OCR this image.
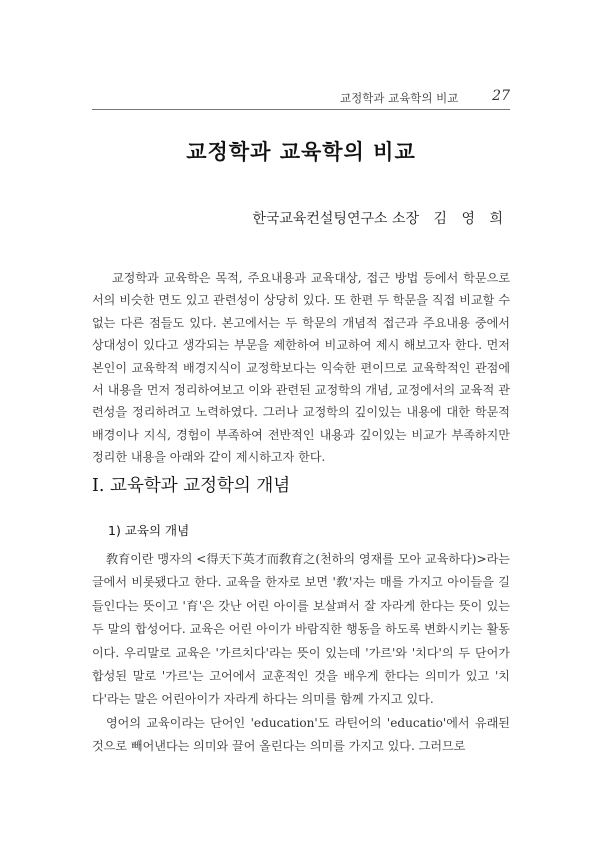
교정학과 교육학의 비교 27
교정학과 교육학의 비교
한국교육컨설팅연구소 소장 김 영 희

교정학과 교육학은 목적, 주요내용과 교육대상, 접근 방법 등에서 학문으로서의 비슷한 면도 있고 관련성이 상당히 있다. 또 한편 두 학문을 직접 비교할 수 없는 다른 점들도 있다. 본고에서는 두 학문의 개념적 접근과 주요내용 중에서 상대성이 있다고 생각되는 부문을 제한하여 비교하여 제시 해보고자 한다. 먼저 본인이 교육학적 배경지식이 교정학보다는 익숙한 편이므로 교육학적인 관점에서 내용을 먼저 정리하여보고 이와 관련된 교정학의 개념, 교정에서의 교육적 관련성을 정리하려고 노력하였다. 그러나 교정학의 깊이있는 내용에 대한 학문적 배경이나 지식, 경험이 부족하여 전반적인 내용과 깊이있는 비교가 부족하지만 정리한 내용을 아래와 같이 제시하고자 한다.

I. 교육학과 교정학의 개념
1) 교육의 개념

敎育이란 맹자의 <得天下英才而敎育之(천하의 영재를 모아 교육하다)>라는 글에서 비롯됐다고 한다. 교육을 한자로 보면 '敎'자는 매를 가지고 아이들을 길들인다는 뜻이고 '育'은 갓난 어린 아이를 보살펴서 잘 자라게 한다는 뜻이 있는 두 말의 합성어다. 교육은 어린 아이가 바람직한 행동을 하도록 변화시키는 활동이다. 우리말로 교육은 '가르치다'라는 뜻이 있는데 '가르'와 '치다'의 두 단어가 합성된 말로 '가르'는 고어에서 교훈적인 것을 배우게 한다는 의미가 있고 '치다'라는 말은 어린아이가 자라게 하다는 의미를 함께 가지고 있다.

영어의 교육이라는 단어인 'education'도 라틴어의 'educatio'에서 유래된 것으로 빼어낸다는 의미와 끌어 올린다는 의미를 가지고 있다. 그러므로
